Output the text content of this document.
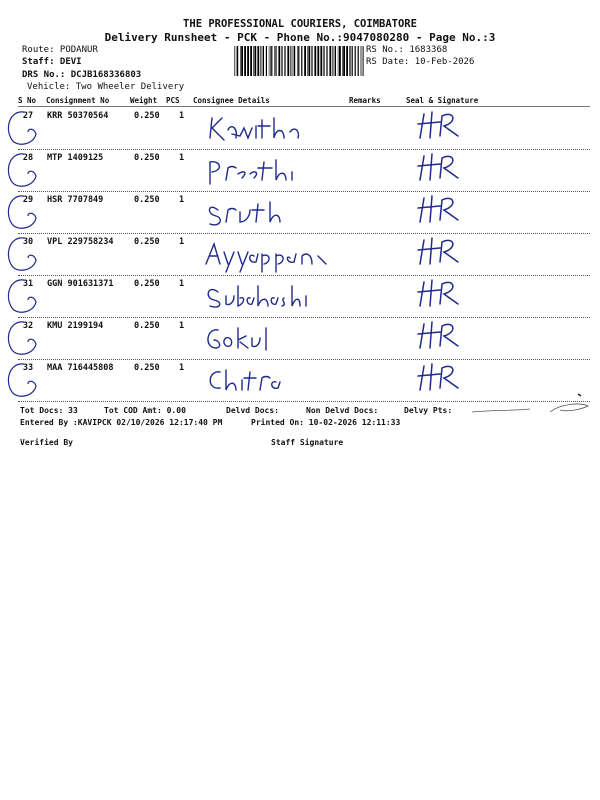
THE PROFESSIONAL COURIERS, COIMBATORE
Delivery Runsheet - PCK - Phone No.:9047080280 - Page No.:3
Route: PODANUR
Staff: DEVI
DRS No.: DCJB168336803
Vehicle: Two Wheeler Delivery
RS No.: 1683368
RS Date: 10-Feb-2026
S No Consignment No	Weight PCS Consignee Details	Remarks	Seal & Signature
27	KRR 50370564	0.250 1
28	MTP 1409125	0.250 1
29	HSR 7707849	0.250 1
30	VPL 229758234 0.250 1
31	GGN 901631371 0.250 1
32	KMU 2199194	0.250 1
33	MAA 716445808 0.250 1
Tot Docs: 33	Tot COD Amt: 0.00	Delvd Docs:	Non Delvd Docs:	Delvy Pts:
Entered By :KAVIPCK 02/10/2026 12:17:40 PM	Printed On: 10-02-2026 12:11:33
Verified By	Staff Signature
